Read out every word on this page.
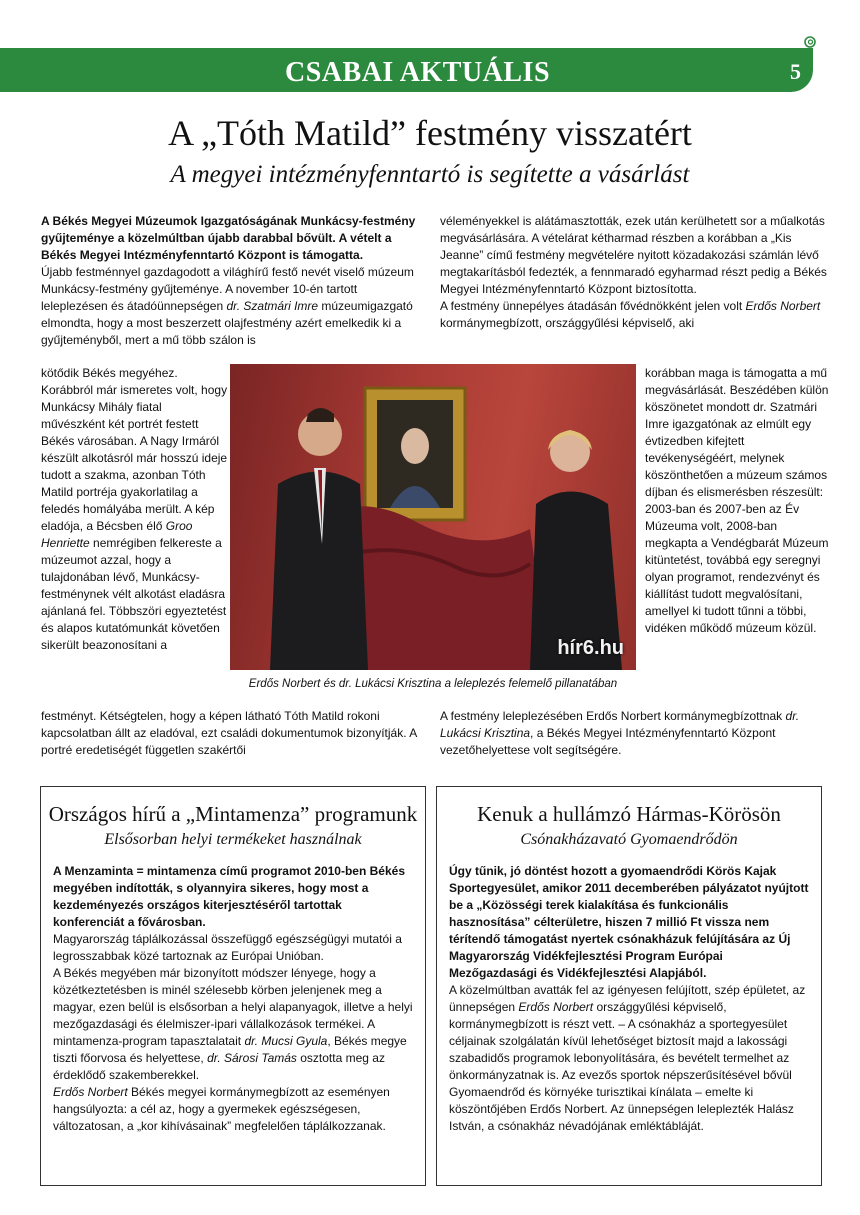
CSABAI AKTUÁLIS	5
A „Tóth Matild” festmény visszatért
A megyei intézményfenntartó is segítette a vásárlást

A Békés Megyei Múzeumok Igazgatóságának Munkácsy-festmény gyűjteménye a közelmúltban újabb darabbal bővült. A vételt a Békés Megyei Intézményfenntartó Központ is támogatta.

Újabb festménnyel gazdagodott a világhírű festő nevét viselő múzeum Munkácsy-festmény gyűjteménye. A november 10-én tartott leleplezésen és átadóünnepségen dr. Szatmári Imre múzeumigazgató elmondta, hogy a most beszerzett olajfestmény azért emelkedik ki a gyűjteményből, mert a mű több szálon is

kötődik Békés megyéhez. Korábbról már ismeretes volt, hogy Munkácsy Mihály fiatal művészként két portrét festett Békés városában. A Nagy Irmáról készült alkotásról már hosszú ideje tudott a szakma, azonban Tóth Matild portréja gyakorlatilag a feledés homályába merült. A kép eladója, a Bécsben élő Groo Henriette nemrégiben felkereste a múzeumot azzal, hogy a tulajdonában lévő, Munkácsy-festménynek vélt alkotást eladásra ajánlaná fel. Többszöri egyeztetést és alapos kutatómunkát követően sikerült beazonosítani a

festményt. Kétségtelen, hogy a képen látható Tóth Matild rokoni kapcsolatban állt az eladóval, ezt családi dokumentumok bizonyítják. A portré eredetiségét független szakértői

véleményekkel is alátámasztották, ezek után kerülhetett sor a műalkotás megvásárlására. A vételárat kétharmad részben a korábban a „Kis Jeanne” című festmény megvételére nyitott közadakozási számlán lévő megtakarításból fedezték, a fennmaradó egyharmad részt pedig a Békés Megyei Intézményfenntartó Központ biztosította.

A festmény ünnepélyes átadásán fővédnökként jelen volt Erdős Norbert kormánymegbízott, országgyűlési képviselő, aki

korábban maga is támogatta a mű megvásárlását. Beszédében külön köszönetet mondott dr. Szatmári Imre igazgatónak az elmúlt egy évtizedben kifejtett tevékenységéért, melynek köszönthetően a múzeum számos díjban és elismerésben részesült: 2003-ban és 2007-ben az Év Múzeuma volt, 2008-ban megkapta a Vendégbarát Múzeum kitüntetést, továbbá egy seregnyi olyan programot, rendezvényt és kiállítást tudott megvalósítani, amellyel ki tudott tűnni a többi, vidéken működő múzeum közül.

A festmény leleplezésében Erdős Norbert kormánymegbízottnak dr. Lukácsi Krisztina, a Békés Megyei Intézményfenntartó Központ vezetőhelyettese volt segítségére.

hír6.hu
Erdős Norbert és dr. Lukácsi Krisztina a leleplezés felemelő pillanatában
Országos hírű a „Mintamenza” programunk
Elsősorban helyi termékeket használnak

A Menzaminta = mintamenza című programot 2010-ben Békés megyében indították, s olyannyira sikeres, hogy most a kezdeményezés országos kiterjesztéséről tartottak konferenciát a fővárosban.

Magyarország táplálkozással összefüggő egészségügyi mutatói a legrosszabbak közé tartoznak az Európai Unióban.

A Békés megyében már bizonyított módszer lényege, hogy a közétkeztetésben is minél szélesebb körben jelenjenek meg a magyar, ezen belül is elsősorban a helyi alapanyagok, illetve a helyi mezőgazdasági és élelmiszer-ipari vállalkozások termékei. A mintamenza-program tapasztalatait dr. Mucsi Gyula, Békés megye tiszti főorvosa és helyettese, dr. Sárosi Tamás osztotta meg az érdeklődő szakemberekkel.

Erdős Norbert Békés megyei kormánymegbízott az eseményen hangsúlyozta: a cél az, hogy a gyermekek egészségesen, változatosan, a „kor kihívásainak” megfelelően táplálkozzanak.

Kenuk a hullámzó Hármas-Körösön
Csónakházavató Gyomaendrődön

Úgy tűnik, jó döntést hozott a gyomaendrődi Körös Kajak Sportegyesület, amikor 2011 decemberében pályázatot nyújtott be a „Közösségi terek kialakítása és funkcionális hasznosítása” célterületre, hiszen 7 millió Ft vissza nem térítendő támogatást nyertek csónakházuk felújítására az Új Magyarország Vidékfejlesztési Program Európai Mezőgazdasági és Vidékfejlesztési Alapjából.

A közelmúltban avatták fel az igényesen felújított, szép épületet, az ünnepségen Erdős Norbert országgyűlési képviselő, kormánymegbízott is részt vett. – A csónakház a sportegyesület céljainak szolgálatán kívül lehetőséget biztosít majd a lakossági szabadidős programok lebonyolítására, és bevételt termelhet az önkormányzatnak is. Az evezős sportok népszerűsítésével bővül Gyomaendrőd és környéke turisztikai kínálata – emelte ki köszöntőjében Erdős Norbert. Az ünnepségen leleplezték Halász István, a csónakház névadójának emléktábláját.
